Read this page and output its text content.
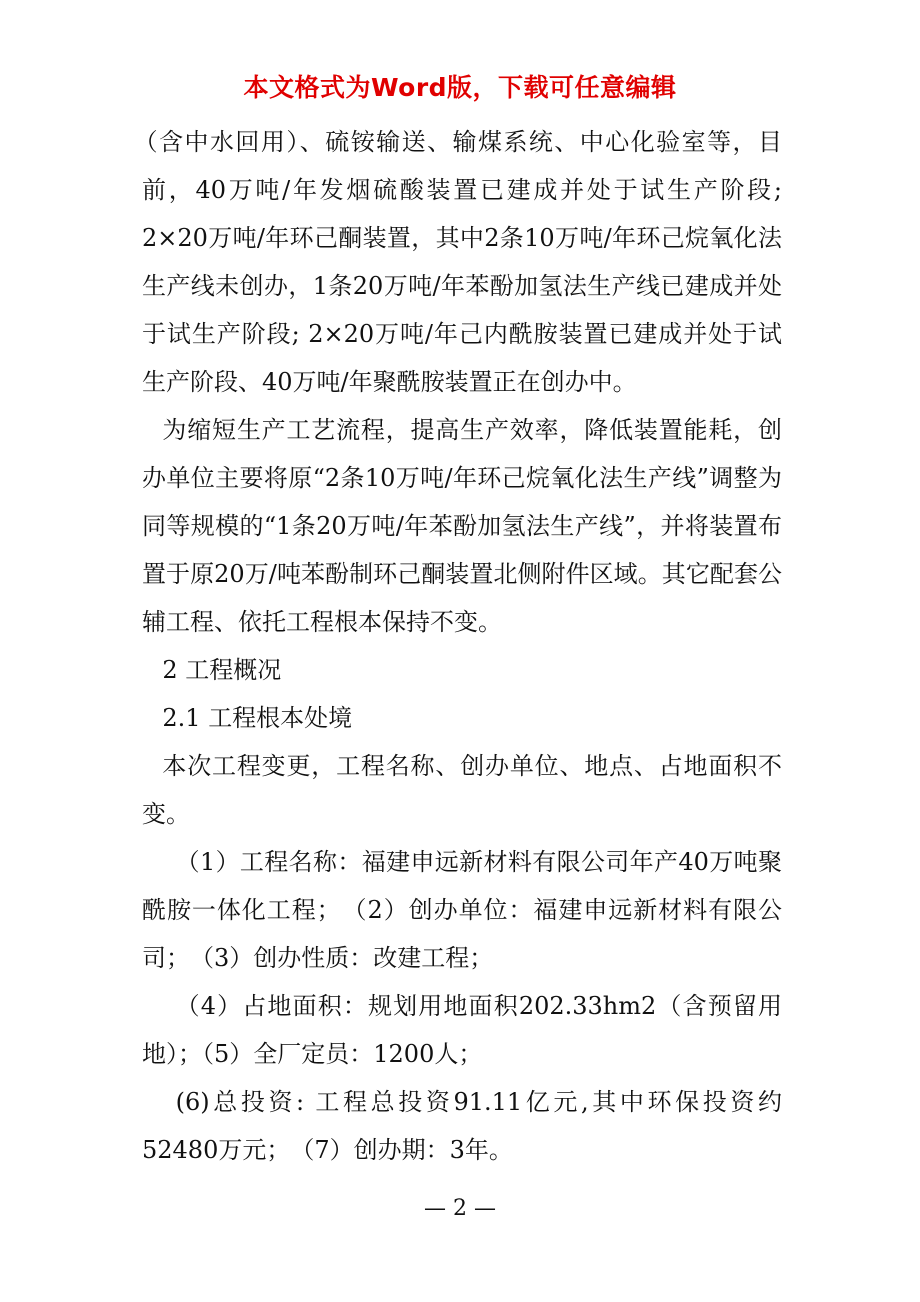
本文格式为Word版，下载可任意编辑

（含中水回用）、硫铵输送、输煤系统、中心化验室等，目前，40万吨/年发烟硫酸装置已建成并处于试生产阶段; 2×20万吨/年环己酮装置，其中2条10万吨/年环己烷氧化法生产线未创办，1条20万吨/年苯酚加氢法生产线已建成并处于试生产阶段; 2×20万吨/年己内酰胺装置已建成并处于试生产阶段、40万吨/年聚酰胺装置正在创办中。

为缩短生产工艺流程，提高生产效率，降低装置能耗，创办单位主要将原“2条10万吨/年环己烷氧化法生产线”调整为同等规模的“1条20万吨/年苯酚加氢法生产线”，并将装置布置于原20万/吨苯酚制环己酮装置北侧附件区域。其它配套公辅工程、依托工程根本保持不变。

2 工程概况

2.1 工程根本处境

本次工程变更，工程名称、创办单位、地点、占地面积不变。

（1）工程名称：福建申远新材料有限公司年产40万吨聚酰胺一体化工程；　（2）创办单位：福建申远新材料有限公司；　（3）创办性质：改建工程；

（4）占地面积：规划用地面积202.33hm2（含预留用地）；（5）全厂定员：1200人；

(6)总投资: 工程总投资91.11亿元,其中环保投资约52480万元；　（7）创办期：3年。

— 2 —
